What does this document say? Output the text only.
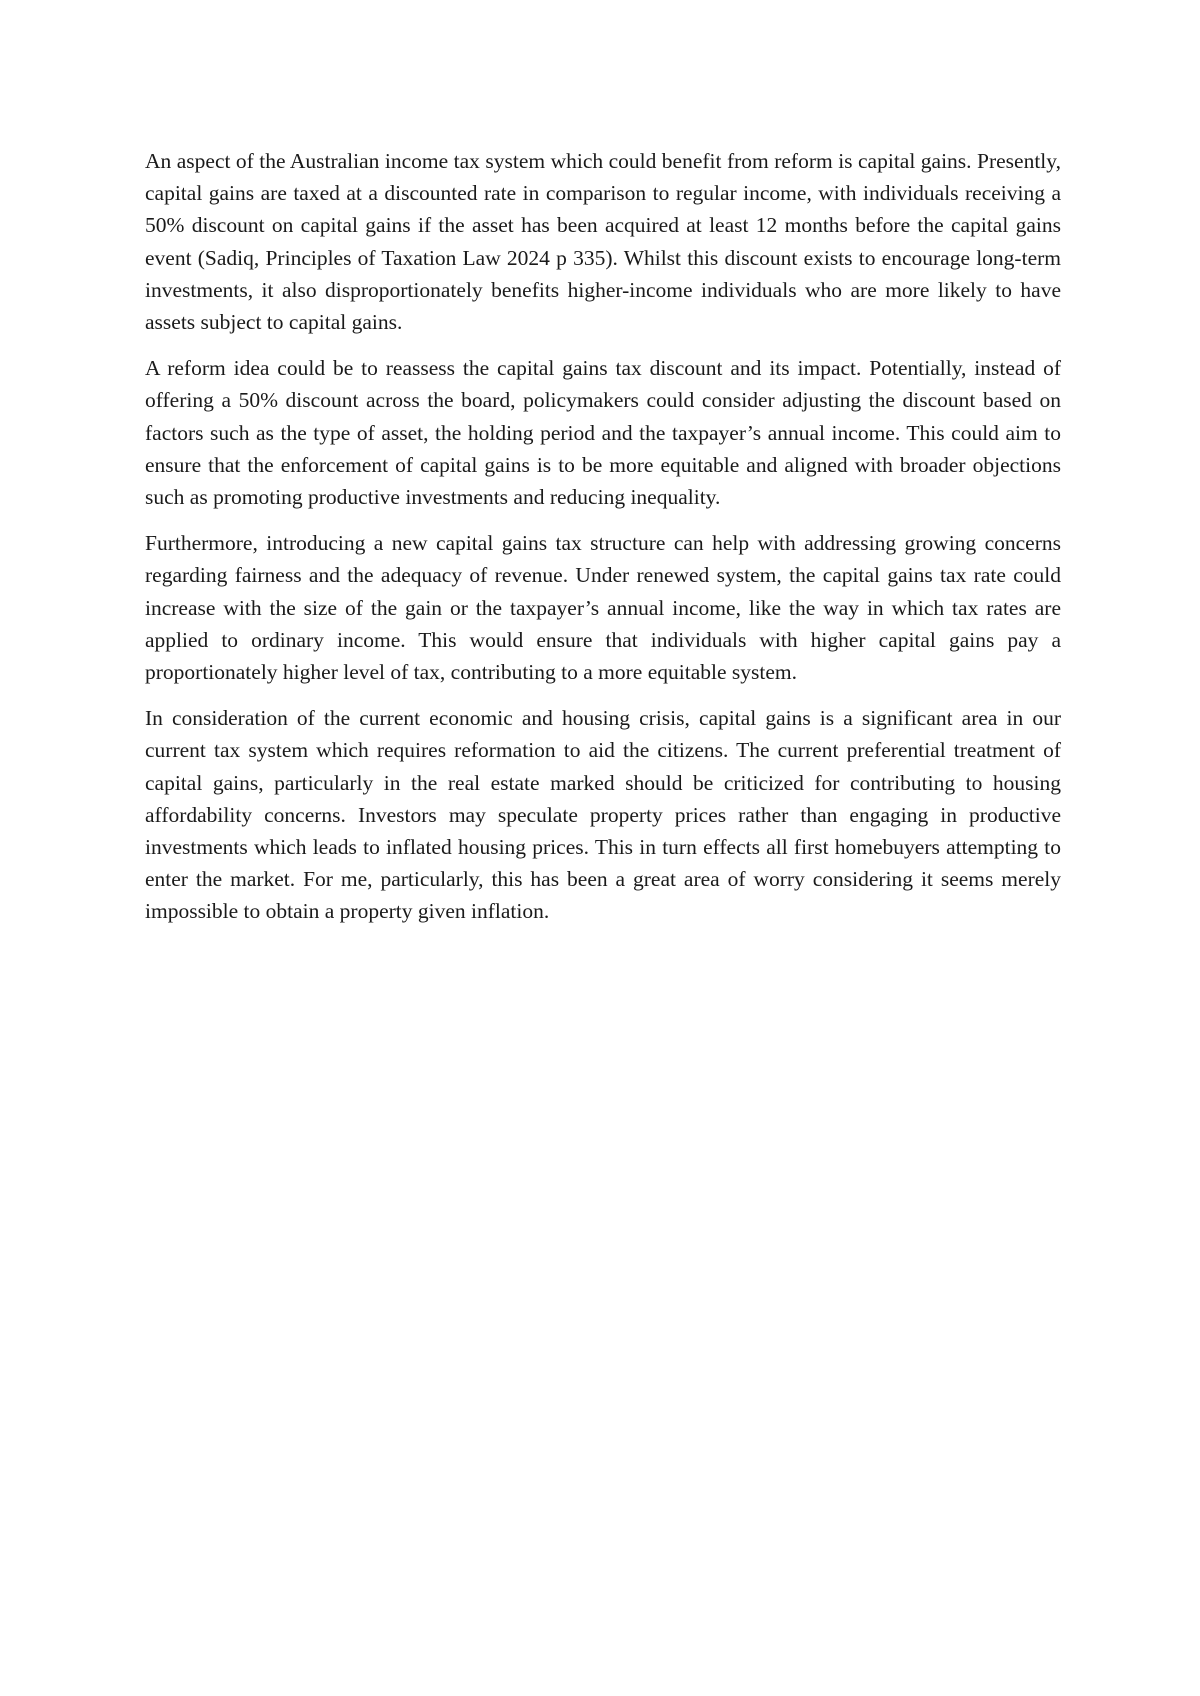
An aspect of the Australian income tax system which could benefit from reform is capital gains. Presently, capital gains are taxed at a discounted rate in comparison to regular income, with individuals receiving a 50% discount on capital gains if the asset has been acquired at least 12 months before the capital gains event (Sadiq, Principles of Taxation Law 2024 p 335). Whilst this discount exists to encourage long-term investments, it also disproportionately benefits higher-income individuals who are more likely to have assets subject to capital gains.

A reform idea could be to reassess the capital gains tax discount and its impact. Potentially, instead of offering a 50% discount across the board, policymakers could consider adjusting the discount based on factors such as the type of asset, the holding period and the taxpayer’s annual income. This could aim to ensure that the enforcement of capital gains is to be more equitable and aligned with broader objections such as promoting productive investments and reducing inequality.

Furthermore, introducing a new capital gains tax structure can help with addressing growing concerns regarding fairness and the adequacy of revenue. Under renewed system, the capital gains tax rate could increase with the size of the gain or the taxpayer’s annual income, like the way in which tax rates are applied to ordinary income. This would ensure that individuals with higher capital gains pay a proportionately higher level of tax, contributing to a more equitable system.

In consideration of the current economic and housing crisis, capital gains is a significant area in our current tax system which requires reformation to aid the citizens. The current preferential treatment of capital gains, particularly in the real estate marked should be criticized for contributing to housing affordability concerns. Investors may speculate property prices rather than engaging in productive investments which leads to inflated housing prices. This in turn effects all first homebuyers attempting to enter the market. For me, particularly, this has been a great area of worry considering it seems merely impossible to obtain a property given inflation.
